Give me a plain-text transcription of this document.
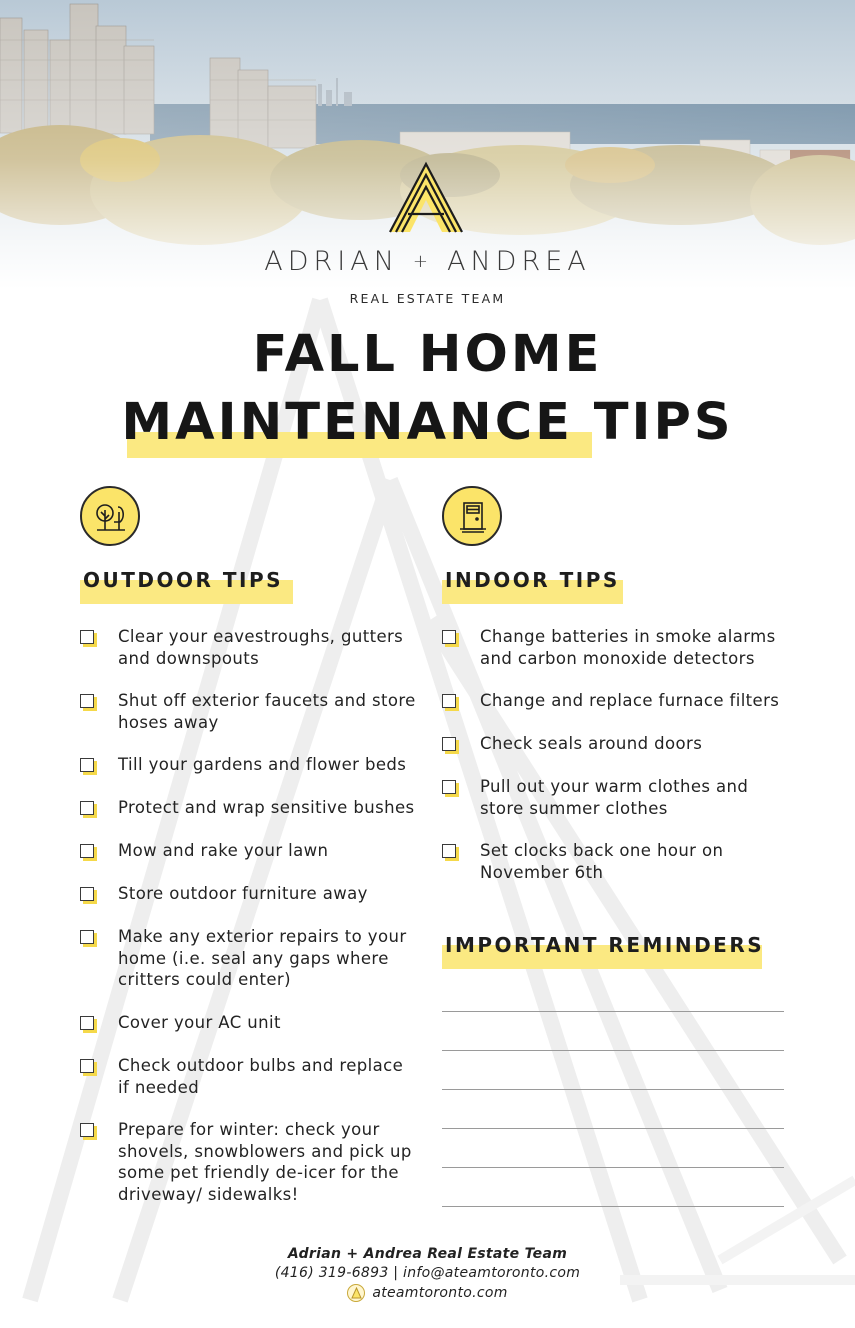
ADRIAN + ANDREA
REAL ESTATE TEAM
FALL HOME
MAINTENANCE TIPS
OUTDOOR TIPS	INDOOR TIPS
Clear your eavestroughs, gutters and downspouts
Shut off exterior faucets and store hoses away
Till your gardens and flower beds
Protect and wrap sensitive bushes
Mow and rake your lawn
Store outdoor furniture away
Make any exterior repairs to your home (i.e. seal any gaps where critters could enter)
Cover your AC unit
Check outdoor bulbs and replace if needed
Prepare for winter: check your shovels, snowblowers and pick up some pet friendly de-icer for the driveway/ sidewalks!
Change batteries in smoke alarms and carbon monoxide detectors
Change and replace furnace filters
Check seals around doors
Pull out your warm clothes and store summer clothes
Set clocks back one hour on November 6th
IMPORTANT REMINDERS
Adrian + Andrea Real Estate Team
(416) 319-6893 | info@ateamtoronto.com
ateamtoronto.com
